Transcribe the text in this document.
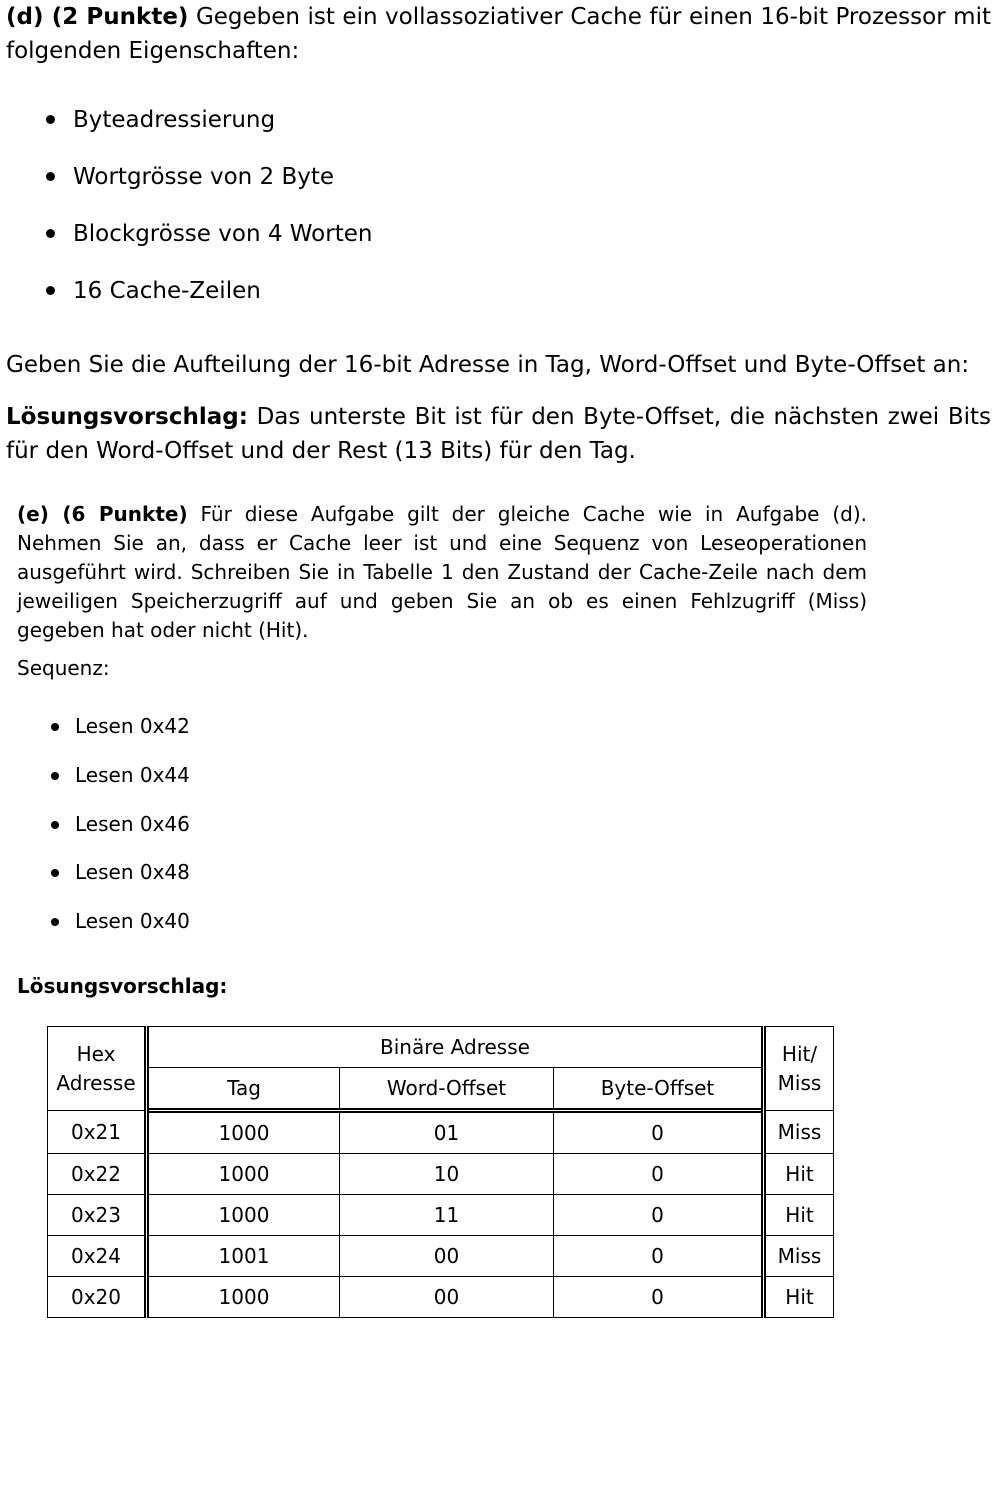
(d) (2 Punkte) Gegeben ist ein vollassoziativer Cache für einen 16-bit Prozessor mit folgenden Eigenschaften:

Byteadressierung
Wortgrösse von 2 Byte
Blockgrösse von 4 Worten
16 Cache-Zeilen

Geben Sie die Aufteilung der 16-bit Adresse in Tag, Word-Offset und Byte-Offset an:

Lösungsvorschlag: Das unterste Bit ist für den Byte-Offset, die nächsten zwei Bits für den Word-Offset und der Rest (13 Bits) für den Tag.

(e) (6 Punkte) Für diese Aufgabe gilt der gleiche Cache wie in Aufgabe (d). Nehmen Sie an, dass er Cache leer ist und eine Sequenz von Leseoperationen ausgeführt wird. Schreiben Sie in Tabelle 1 den Zustand der Cache-Zeile nach dem jeweiligen Speicherzugriff auf und geben Sie an ob es einen Fehlzugriff (Miss) gegeben hat oder nicht (Hit).

Sequenz:

Lesen 0x42
Lesen 0x44
Lesen 0x46
Lesen 0x48
Lesen 0x40

Lösungsvorschlag:

Hex
Adresse	Binäre Adresse			Hit/
Miss
	Tag	Word-Offset	Byte-Offset	
0x21	1000	01	0	Miss
0x22	1000	10	0	Hit
0x23	1000	11	0	Hit
0x24	1001	00	0	Miss
0x20	1000	00	0	Hit
